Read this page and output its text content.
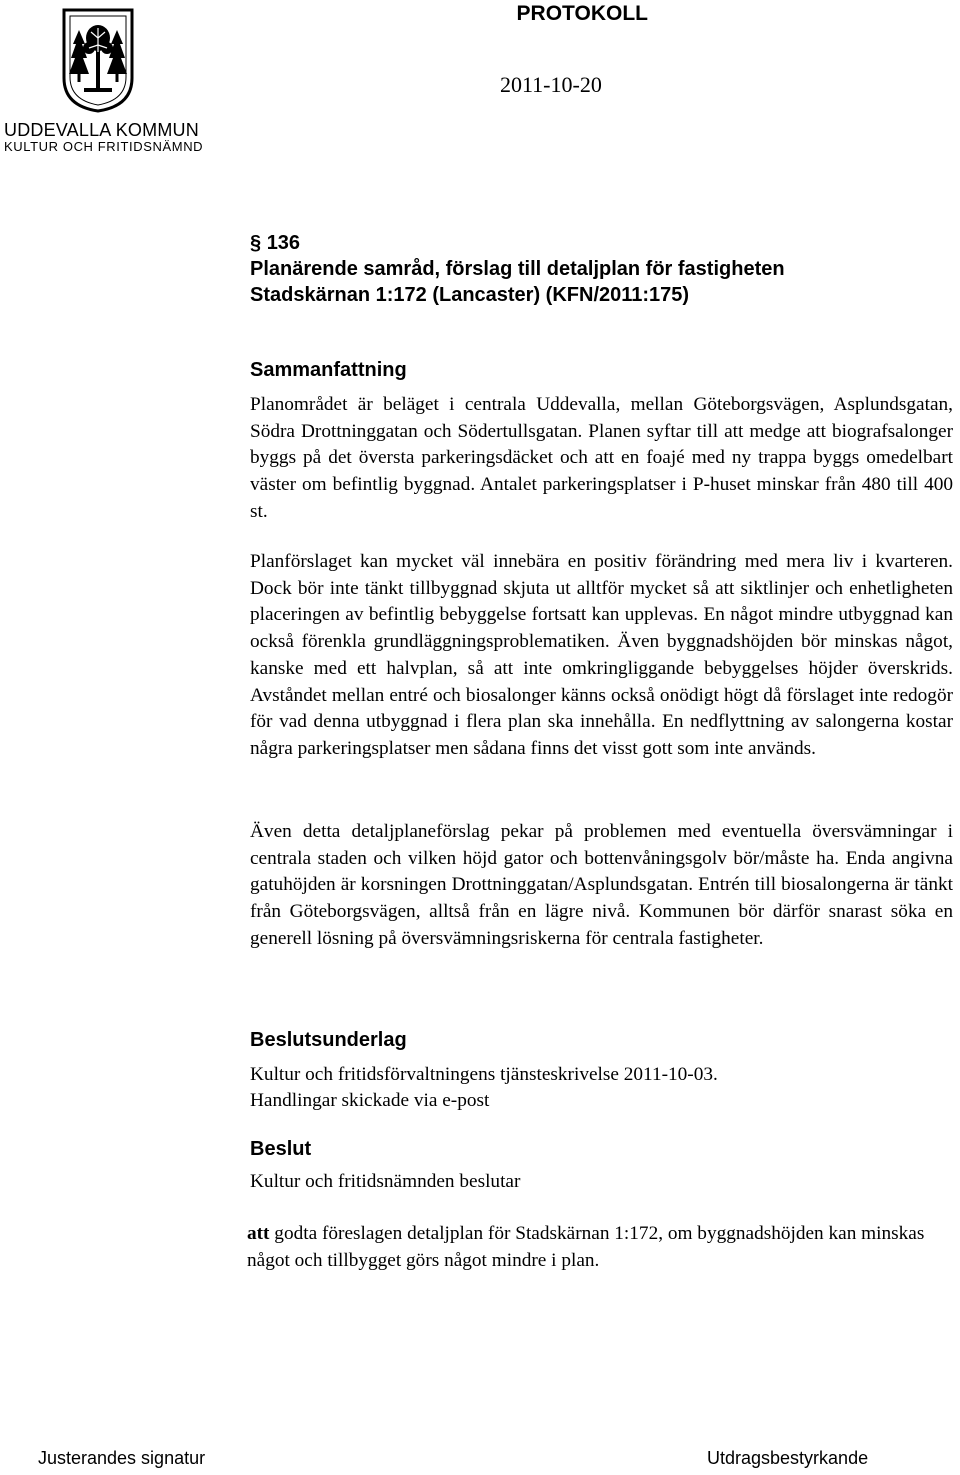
UDDEVALLA KOMMUN
KULTUR OCH FRITIDSNÄMND
PROTOKOLL
2011-10-20
§ 136
Planärende samråd, förslag till detaljplan för fastigheten
Stadskärnan 1:172 (Lancaster) (KFN/2011:175)
Sammanfattning

Planområdet är beläget i centrala Uddevalla, mellan Göteborgsvägen, Asplundsgatan, Södra Drottninggatan och Södertullsgatan. Planen syftar till att medge att biografsalonger byggs på det översta parkeringsdäcket och att en foajé med ny trappa byggs omedelbart väster om befintlig byggnad. Antalet parkeringsplatser i P-huset minskar från 480 till 400 st.

Planförslaget kan mycket väl innebära en positiv förändring med mera liv i kvarteren. Dock bör inte tänkt tillbyggnad skjuta ut alltför mycket så att siktlinjer och enhetligheten placeringen av befintlig bebyggelse fortsatt kan upplevas. En något mindre utbyggnad kan också förenkla grundläggningsproblematiken. Även byggnadshöjden bör minskas något, kanske med ett halvplan, så att inte omkringliggande bebyggelses höjder överskrids. Avståndet mellan entré och biosalonger känns också onödigt högt då förslaget inte redogör för vad denna utbyggnad i flera plan ska innehålla. En nedflyttning av salongerna kostar några parkeringsplatser men sådana finns det visst gott som inte används.

Även detta detaljplaneförslag pekar på problemen med eventuella översvämningar i centrala staden och vilken höjd gator och bottenvåningsgolv bör/måste ha. Enda angivna gatuhöjden är korsningen Drottninggatan/Asplundsgatan. Entrén till biosalongerna är tänkt från Göteborgsvägen, alltså från en lägre nivå. Kommunen bör därför snarast söka en generell lösning på översvämningsriskerna för centrala fastigheter.

Beslutsunderlag
Kultur och fritidsförvaltningens tjänsteskrivelse 2011-10-03.
Handlingar skickade via e-post
Beslut
Kultur och fritidsnämnden beslutar
att godta föreslagen detaljplan för Stadskärnan 1:172, om byggnadshöjden kan minskas något och tillbygget görs något mindre i plan.
Justerandes signatur	Utdragsbestyrkande
